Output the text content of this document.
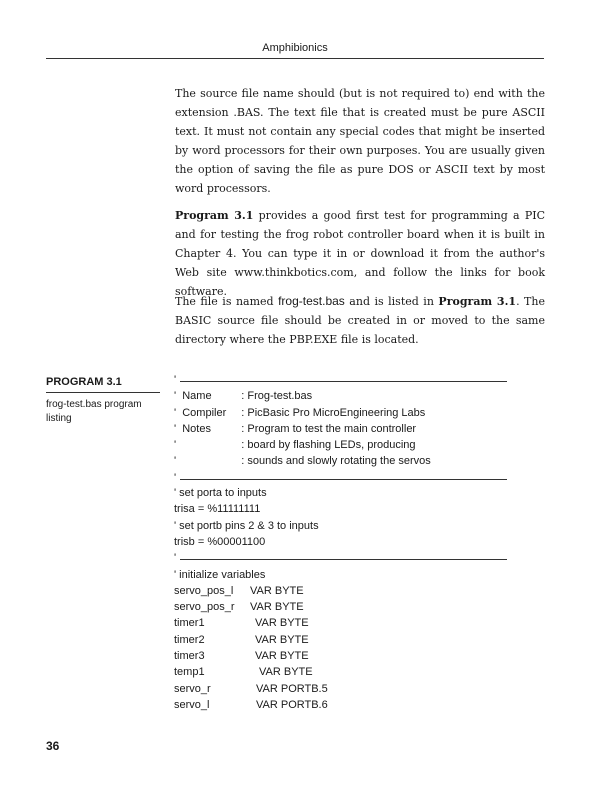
Amphibionics

The source file name should (but is not required to) end with the extension .BAS. The text file that is created must be pure ASCII text. It must not contain any special codes that might be inserted by word processors for their own purposes. You are usually given the option of saving the file as pure DOS or ASCII text by most word processors.

Program 3.1 provides a good first test for programming a PIC and for testing the frog robot controller board when it is built in Chapter 4. You can type it in or download it from the author's Web site www.thinkbotics.com, and follow the links for book software.

The file is named frog-test.bas and is listed in Program 3.1. The BASIC source file should be created in or moved to the same directory where the PBP.EXE file is located.

PROGRAM 3.1
frog-test.bas program listing
'
' Name	: Frog-test.bas
' Compiler : PicBasic Pro MicroEngineering Labs
' Notes	: Program to test the main controller
'	: board by flashing LEDs, producing
'	: sounds and slowly rotating the servos
'
' set porta to inputs
trisa = %11111111
' set portb pins 2 & 3 to inputs
trisb = %00001100
'
' initialize variables
servo_pos_l VAR BYTE
servo_pos_r VAR BYTE
timer1	VAR BYTE
timer2	VAR BYTE
timer3	VAR BYTE
temp1	VAR BYTE
servo_r	VAR PORTB.5
servo_l	VAR PORTB.6
36
